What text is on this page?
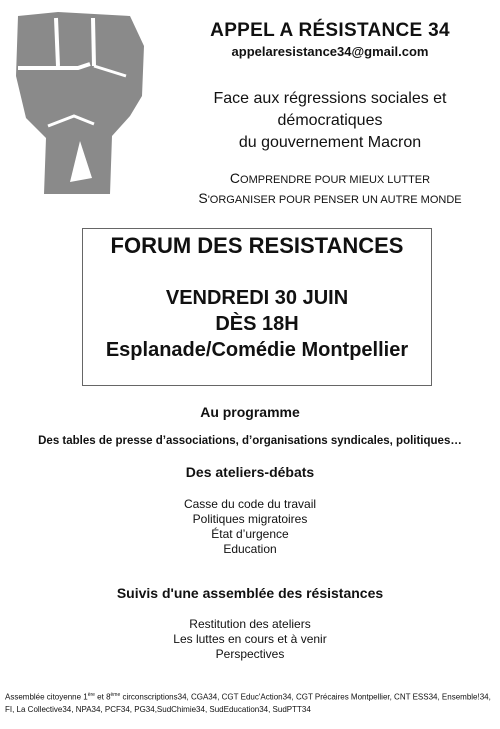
APPEL A RÉSISTANCE 34
appelaresistance34@gmail.com
Face aux régressions sociales et
démocratiques
du gouvernement Macron
COMPRENDRE POUR MIEUX LUTTER
S'ORGANISER POUR PENSER UN AUTRE MONDE
FORUM DES RESISTANCES
VENDREDI 30 JUIN
DÈS 18H
Esplanade/Comédie Montpellier
Au programme
Des tables de presse d’associations, d’organisations syndicales, politiques…
Des ateliers-débats
Casse du code du travail
Politiques migratoires
État d’urgence
Education
Suivis d'une assemblée des résistances
Restitution des ateliers
Les luttes en cours et à venir
Perspectives
Assemblée citoyenne 1ère et 8ème circonscriptions34, CGA34, CGT Educ'Action34, CGT Précaires Montpellier, CNT ESS34, Ensemble!34, FI, La Collective34, NPA34, PCF34, PG34,SudChimie34, SudEducation34, SudPTT34
